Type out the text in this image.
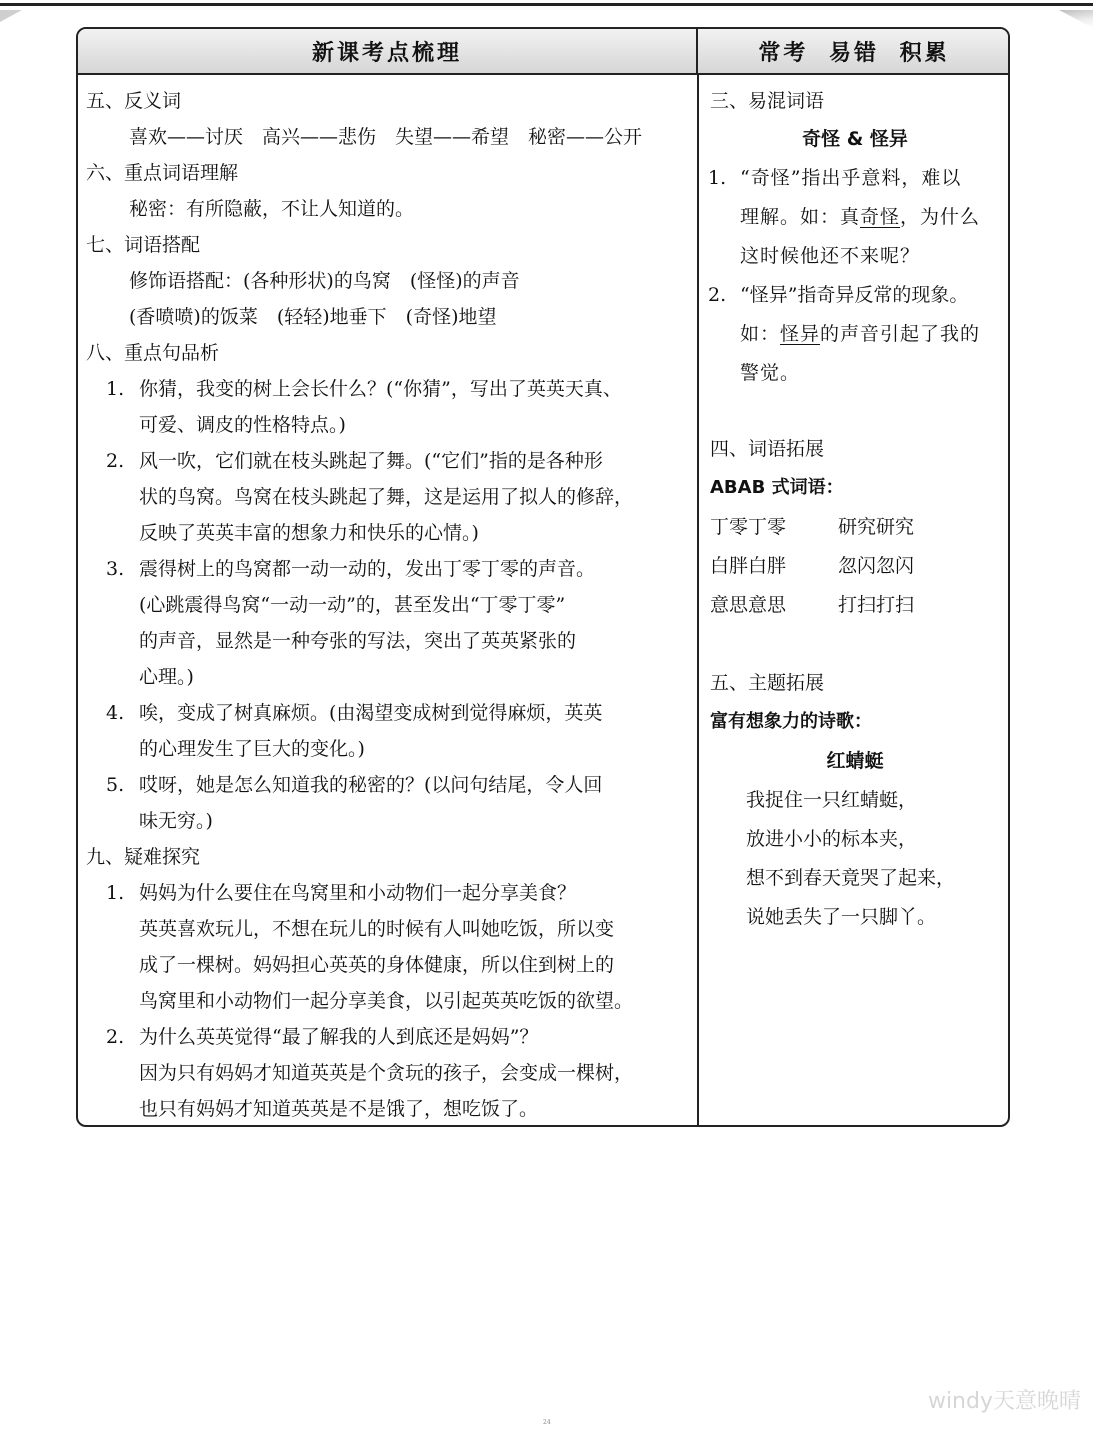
新课考点梳理	常考 易错 积累
五、反义词
喜欢——讨厌　高兴——悲伤　失望——希望　秘密——公开
六、重点词语理解
秘密：有所隐蔽，不让人知道的。
七、词语搭配
修饰语搭配：(各种形状)的鸟窝　(怪怪)的声音
(香喷喷)的饭菜　(轻轻)地垂下　(奇怪)地望
八、重点句品析
1. 你猜，我变的树上会长什么？(“你猜”，写出了英英天真、
可爱、调皮的性格特点。)
2. 风一吹，它们就在枝头跳起了舞。(“它们”指的是各种形
状的鸟窝。鸟窝在枝头跳起了舞，这是运用了拟人的修辞，
反映了英英丰富的想象力和快乐的心情。)
3. 震得树上的鸟窝都一动一动的，发出丁零丁零的声音。
(心跳震得鸟窝“一动一动”的，甚至发出“丁零丁零”
的声音，显然是一种夸张的写法，突出了英英紧张的
心理。)
4. 唉，变成了树真麻烦。(由渴望变成树到觉得麻烦，英英
的心理发生了巨大的变化。)
5. 哎呀，她是怎么知道我的秘密的？(以问句结尾，令人回
味无穷。)
九、疑难探究
1. 妈妈为什么要住在鸟窝里和小动物们一起分享美食？
英英喜欢玩儿，不想在玩儿的时候有人叫她吃饭，所以变
成了一棵树。妈妈担心英英的身体健康，所以住到树上的
鸟窝里和小动物们一起分享美食，以引起英英吃饭的欲望。
2. 为什么英英觉得“最了解我的人到底还是妈妈”？
因为只有妈妈才知道英英是个贪玩的孩子，会变成一棵树，
也只有妈妈才知道英英是不是饿了，想吃饭了。
三、易混词语
奇怪 & 怪异
1. “奇怪”指出乎意料，难以
理解。如：真奇怪，为什么
这时候他还不来呢？
2. “怪异”指奇异反常的现象。
如：怪异的声音引起了我的
警觉。
四、词语拓展
ABAB 式词语：
丁零丁零	研究研究
白胖白胖	忽闪忽闪
意思意思	打扫打扫
五、主题拓展
富有想象力的诗歌：
红蜻蜓
我捉住一只红蜻蜓，
放进小小的标本夹，
想不到春天竟哭了起来，
说她丢失了一只脚丫。
24
windy天意晚晴
